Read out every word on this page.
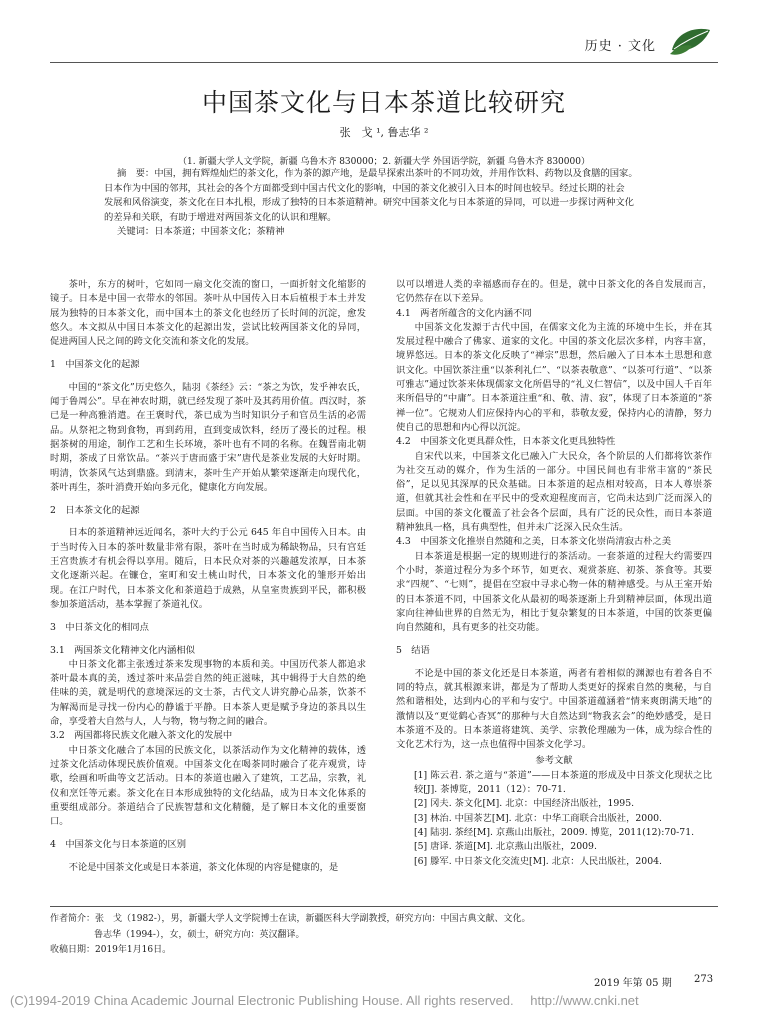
历史 · 文化
中国茶文化与日本茶道比较研究
张　戈 ¹, 鲁志华 ²
（1. 新疆大学人文学院，新疆 乌鲁木齐 830000；2. 新疆大学 外国语学院，新疆 乌鲁木齐 830000）

摘　要：中国，拥有辉煌灿烂的茶文化，作为茶的源产地，是最早探索出茶叶的不同功效，并用作饮料、药物以及食膳的国家。

日本作为中国的邻邦，其社会的各个方面都受到中国古代文化的影响，中国的茶文化被引入日本的时间也较早。经过长期的社会

发展和风俗演变，茶文化在日本扎根，形成了独特的日本茶道精神。研究中国茶文化与日本茶道的异同，可以进一步探讨两种文化

的差异和关联，有助于增进对两国茶文化的认识和理解。

关键词：日本茶道；中国茶文化；茶精神

茶叶，东方的树叶，它如同一扇文化交流的窗口，一面折射文化缩影的镜子。日本是中国一衣带水的邻国。茶叶从中国传入日本后植根于本土并发展为独特的日本茶文化，而中国本土的茶文化也经历了长时间的沉淀，愈发悠久。本文拟从中国日本茶文化的起源出发，尝试比较两国茶文化的异同，促进两国人民之间的跨文化交流和茶文化的发展。

1　中国茶文化的起源

中国的“茶文化”历史悠久，陆羽《茶经》云：“茶之为饮，发乎神农氏，闻于鲁周公”。早在神农时期，就已经发现了茶叶及其药用价值。西汉时，茶已是一种高雅消遣。在王褒时代，茶已成为当时知识分子和官员生活的必需品。从祭祀之物到食物，再到药用，直到变成饮料，经历了漫长的过程。根据茶树的用途，制作工艺和生长环境，茶叶也有不同的名称。在魏晋南北朝时期，茶成了日常饮品。“茶兴于唐而盛于宋”唐代是茶业发展的大好时期。明清，饮茶风气达到鼎盛。到清末，茶叶生产开始从繁荣逐渐走向现代化，茶叶再生，茶叶消费开始向多元化，健康化方向发展。

2　日本茶文化的起源

日本的茶道精神远近闻名，茶叶大约于公元 645 年自中国传入日本。由于当时传入日本的茶叶数量非常有限，茶叶在当时成为稀缺物品，只有宫廷王宫贵族才有机会得以享用。随后，日本民众对茶的兴趣越发浓厚，日本茶文化逐渐兴起。在镰仓，室町和安土桃山时代，日本茶文化的雏形开始出现。在江户时代，日本茶文化和茶道趋于成熟，从皇室贵族到平民，都积极参加茶道活动，基本掌握了茶道礼仪。

3　中日茶文化的相同点

3.1　两国茶文化精神文化内涵相似

中日茶文化都主张透过茶来发现事物的本质和美。中国历代茶人都追求茶叶最本真的美，透过茶叶来品尝自然的纯正滋味，其中辑得于大自然的绝佳味的美，就是明代的意境深远的文士茶，古代文人讲究静心品茶，饮茶不为解渴而是寻找一份内心的静谧于平静。日本茶人更是赋予身边的茶具以生命，享受着大自然与人，人与物，物与物之间的融合。

3.2　两国都将民族文化融入茶文化的发展中

中日茶文化融合了本国的民族文化，以茶活动作为文化精神的载体，透过茶文化活动体现民族价值观。中国茶文化在喝茶同时融合了花卉观赏，诗歌，绘画和听曲等文艺活动。日本的茶道也融入了建筑，工艺品，宗教，礼仪和烹饪等元素。茶文化在日本形成独特的文化结晶，成为日本文化体系的重要组成部分。茶道结合了民族智慧和文化精髓，是了解日本文化的重要窗口。

4　中国茶文化与日本茶道的区别

不论是中国茶文化或是日本茶道，茶文化体现的内容是健康的，是

以可以增进人类的幸福感而存在的。但是，就中日茶文化的各自发展而言，它仍然存在以下差异。

4.1　两者所蕴含的文化内涵不同

中国茶文化发源于古代中国，在儒家文化为主流的环境中生长，并在其发展过程中融合了佛家、道家的文化。中国的茶文化层次多样，内容丰富，境界悠远。日本的茶文化反映了“禅宗”思想，然后融入了日本本土思想和意识文化。中国饮茶注重“以茶利礼仁”、“以茶表敬意”、“以茶可行道”、“以茶可雅志”通过饮茶来体现儒家文化所倡导的“礼义仁智信”，以及中国人千百年来所倡导的“中庸”。日本茶道注重“和、敬、清、寂”，体现了日本茶道的“茶禅一位”。它规劝人们应保持内心的平和，恭敬友爱，保持内心的清静，努力使自己的思想和内心得以沉淀。

4.2　中国茶文化更具群众性，日本茶文化更具独特性

自宋代以来，中国茶文化已融入广大民众，各个阶层的人们都将饮茶作为社交互动的媒介，作为生活的一部分。中国民间也有非常丰富的“茶民俗”，足以见其深厚的民众基础。日本茶道的起点相对较高，日本人尊崇茶道，但就其社会性和在平民中的受欢迎程度而言，它尚未达到广泛而深入的层面。中国的茶文化覆盖了社会各个层面，具有广泛的民众性，而日本茶道精神独具一格，具有典型性，但并未广泛深入民众生活。

4.3　中国茶文化推崇自然随和之美，日本茶文化崇尚清寂古朴之美

日本茶道是根据一定的规则进行的茶活动。一套茶道的过程大约需要四个小时，茶道过程分为多个环节，如更衣、观赏茶庭、初茶、茶食等。其要求“四规”、“七则”，提倡在空寂中寻求心物一体的精神感受。与从王室开始的日本茶道不同，中国茶文化从最初的喝茶逐渐上升到精神层面，体现出道家向往神仙世界的自然无为，相比于复杂繁复的日本茶道，中国的饮茶更偏向自然随和，具有更多的社交功能。

5　结语

不论是中国的茶文化还是日本茶道，两者有着相似的渊源也有着各自不同的特点，就其根源来讲，都是为了帮助人类更好的探索自然的奥秘，与自然和谐相处，达到内心的平和与安宁。中国茶道蕴涵着“情来爽朗满天地”的激情以及“更觉鹤心杳冥”的那种与大自然达到“物我玄会”的绝妙感受，是日本茶道不及的。日本茶道将建筑、美学、宗教伦理融为一体，成为综合性的文化艺术行为，这一点也值得中国茶文化学习。

参考文献

[1] 陈云君. 茶之道与“茶道”——日本茶道的形成及中日茶文化现状之比较[J]. 茶博览，2011（12）：70-71.

[2] 冈夫. 茶文化[M]. 北京：中国经济出版社，1995.

[3] 林治. 中国茶艺[M]. 北京：中华工商联合出版社，2000.

[4] 陆羽. 茶经[M]. 京燕山出版社，2009. 博览，2011(12):70-71.

[5] 唐译. 茶道[M]. 北京燕山出版社，2009.

[6] 滕军. 中日茶文化交流史[M]. 北京：人民出版社，2004.

作者简介：张　戈（1982-），男，新疆大学人文学院博士在读，新疆医科大学副教授，研究方向：中国古典文献、文化。

鲁志华（1994-），女，硕士，研究方向：英汉翻译。

收稿日期：2019年1月16日。

2019 年第 05 期 273
(C)1994-2019 China Academic Journal Electronic Publishing House. All rights reserved.　 http://www.cnki.net
